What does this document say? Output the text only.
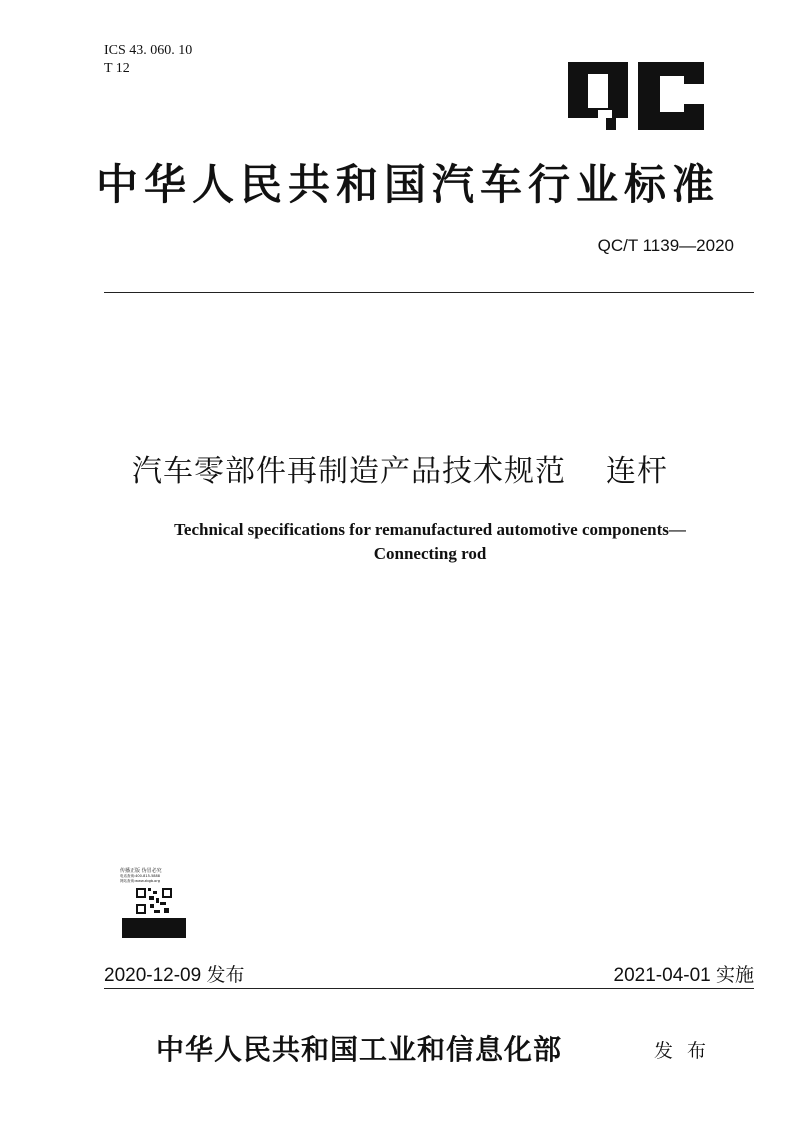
ICS 43. 060. 10
T 12
中华人民共和国汽车行业标准
QC/T 1139—2020
汽车零部件再制造产品技术规范 连杆
Technical specifications for remanufactured automotive components—
Connecting rod
传播正版 伪冒必究
电话查询:400-815-5888
网站查询:www.zbgb.org
2020-12-09 发布	2021-04-01 实施
中华人民共和国工业和信息化部	发 布
